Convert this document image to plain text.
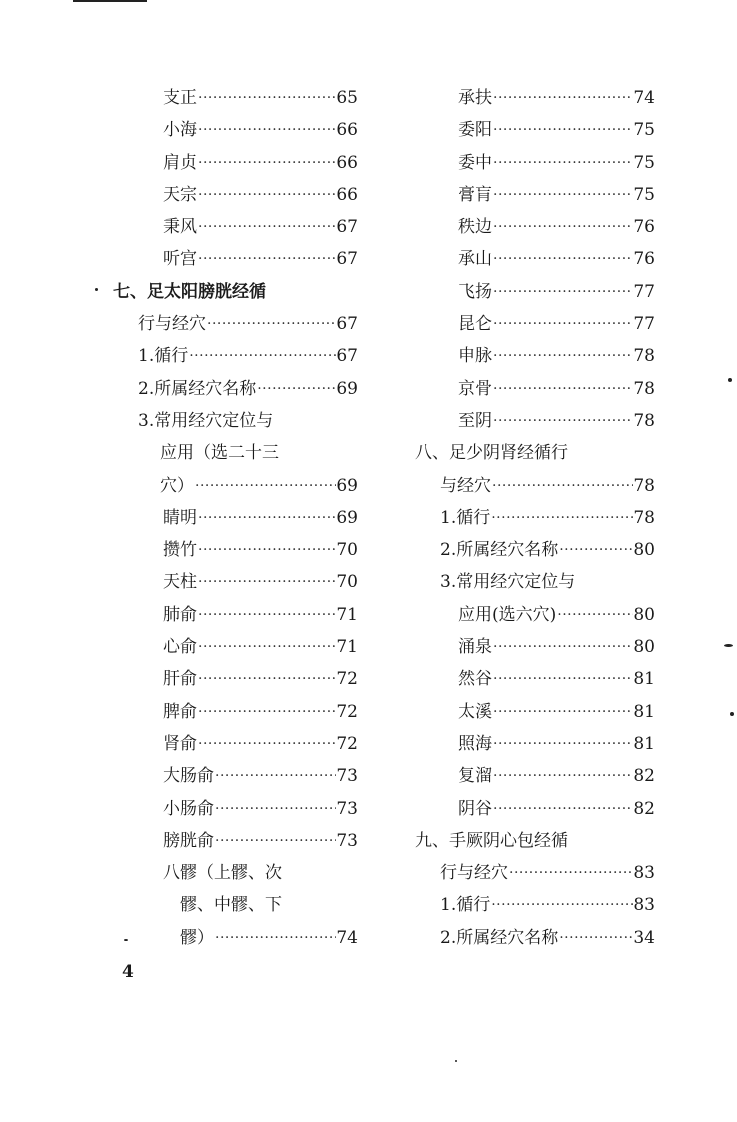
支正 ·····	65
小海 ·····	66
肩贞 ·····	66
天宗 ·····	66
秉风 ·····	67
听宫 ·····	67
七、足太阳膀胱经循
行与经穴 ·····	67
1.循行 ·····	67
2.所属经穴名称 ·····	69
3.常用经穴定位与
应用（选二十三
穴） ·····	69
睛明 ·····	69
攒竹 ·····	70
天柱 ·····	70
肺俞 ·····	71
心俞 ·····	71
肝俞 ·····	72
脾俞 ·····	72
肾俞 ·····	72
大肠俞 ·····	73
小肠俞 ·····	73
膀胱俞 ·····	73
八髎（上髎、次
髎、中髎、下
髎） ·····	74
承扶 ·····	74
委阳 ·····	75
委中 ·····	75
膏肓 ·····	75
秩边 ·····	76
承山 ·····	76
飞扬 ·····	77
昆仑 ·····	77
申脉 ·····	78
京骨 ·····	78
至阴 ·····	78
八、足少阴肾经循行
与经穴 ·····	78
1.循行 ·····	78
2.所属经穴名称 ·····	80
3.常用经穴定位与
应用(选六穴) ·····	80
涌泉 ·····	80
然谷 ·····	81
太溪 ·····	81
照海 ·····	81
复溜 ·····	82
阴谷 ·····	82
九、手厥阴心包经循
行与经穴 ·····	83
1.循行 ·····	83
2.所属经穴名称 ·····	34
4
